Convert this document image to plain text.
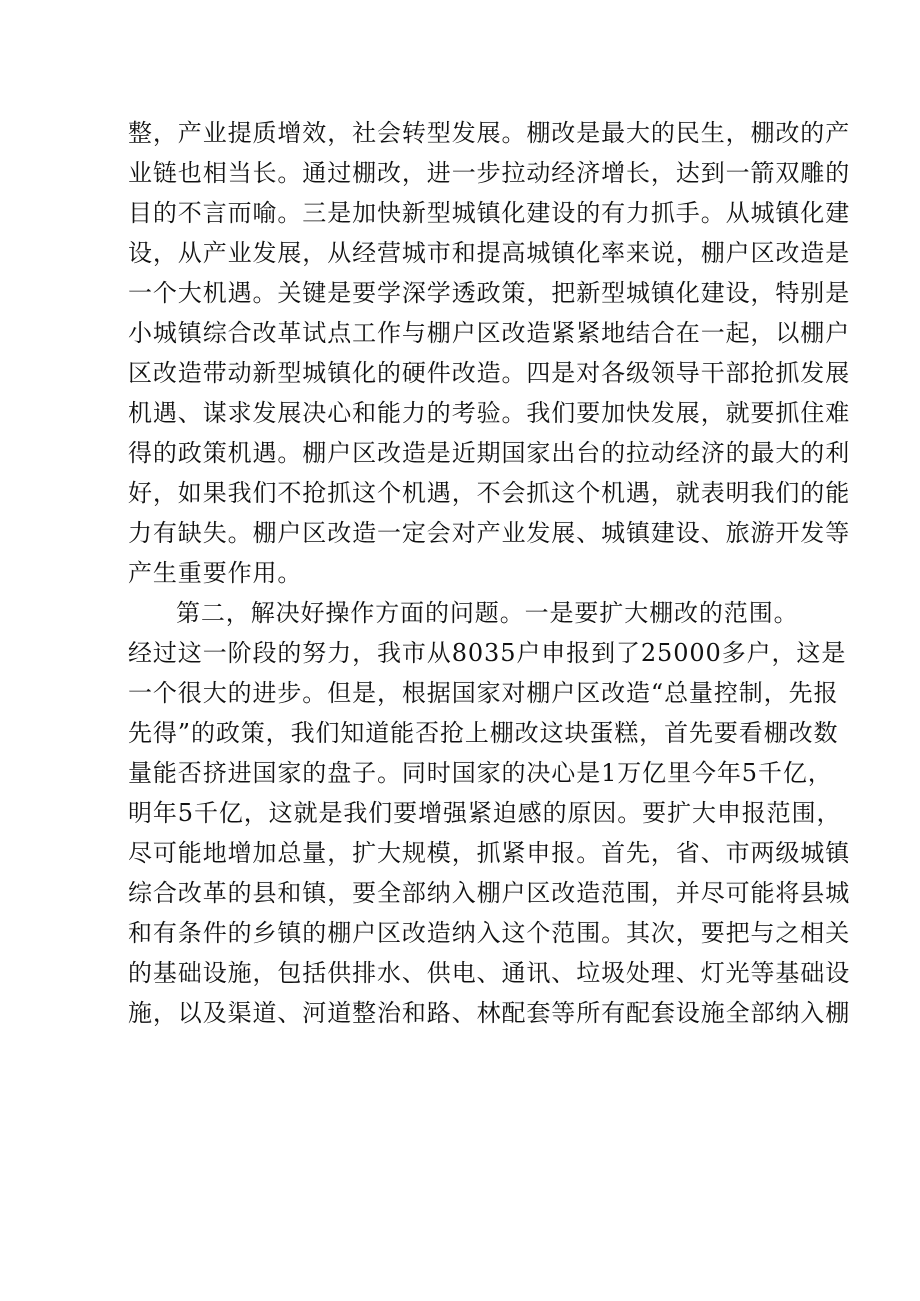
整，产业提质增效，社会转型发展。棚改是最大的民生，棚改的产
业链也相当长。通过棚改，进一步拉动经济增长，达到一箭双雕的
目的不言而喻。三是加快新型城镇化建设的有力抓手。从城镇化建
设，从产业发展，从经营城市和提高城镇化率来说，棚户区改造是
一个大机遇。关键是要学深学透政策，把新型城镇化建设，特别是
小城镇综合改革试点工作与棚户区改造紧紧地结合在一起，以棚户
区改造带动新型城镇化的硬件改造。四是对各级领导干部抢抓发展
机遇、谋求发展决心和能力的考验。我们要加快发展，就要抓住难
得的政策机遇。棚户区改造是近期国家出台的拉动经济的最大的利
好，如果我们不抢抓这个机遇，不会抓这个机遇，就表明我们的能
力有缺失。棚户区改造一定会对产业发展、城镇建设、旅游开发等
产生重要作用。
第二，解决好操作方面的问题。一是要扩大棚改的范围。
经过这一阶段的努力，我市从8035户申报到了25000多户，这是
一个很大的进步。但是，根据国家对棚户区改造“总量控制，先报
先得”的政策，我们知道能否抢上棚改这块蛋糕，首先要看棚改数
量能否挤进国家的盘子。同时国家的决心是1万亿里今年5千亿，
明年5千亿，这就是我们要增强紧迫感的原因。要扩大申报范围，
尽可能地增加总量，扩大规模，抓紧申报。首先，省、市两级城镇
综合改革的县和镇，要全部纳入棚户区改造范围，并尽可能将县城
和有条件的乡镇的棚户区改造纳入这个范围。其次，要把与之相关
的基础设施，包括供排水、供电、通讯、垃圾处理、灯光等基础设
施，以及渠道、河道整治和路、林配套等所有配套设施全部纳入棚
